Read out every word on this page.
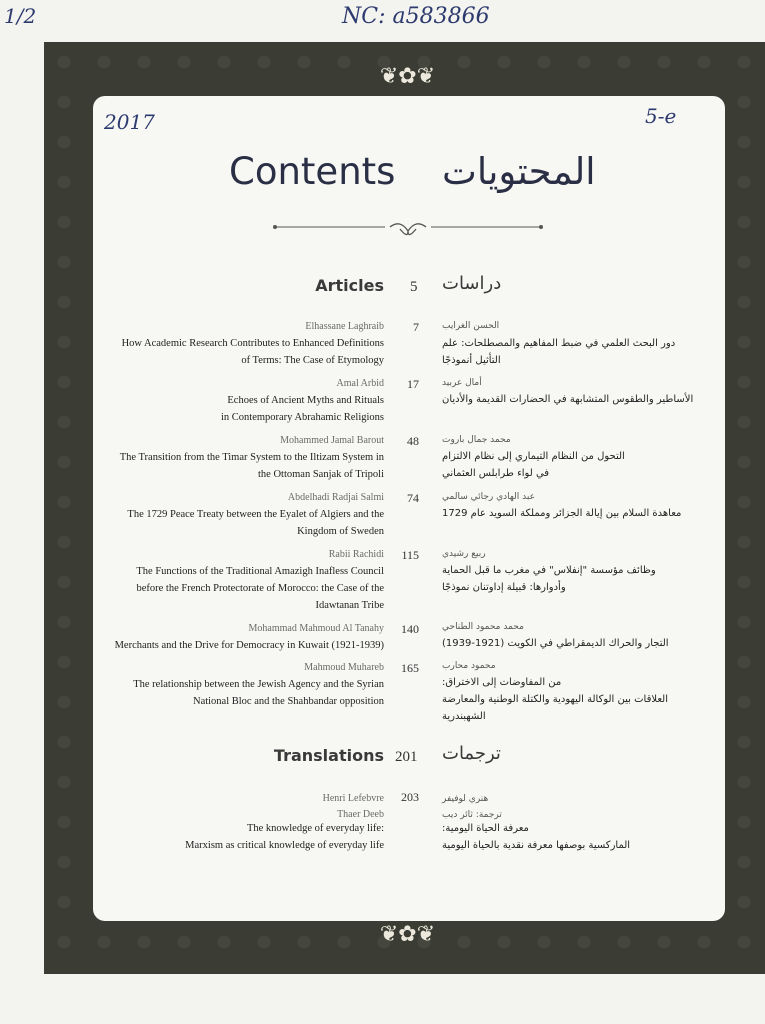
1/2	NC: a583866
❦✿❦
❦✿❦
2017	5-e
Contents المحتويات
Articles 5 دراسات
Elhassane Laghraib 7
How Academic Research Contributes to Enhanced Definitions
of Terms: The Case of Etymology
الحسن الغرايب
دور البحث العلمي في ضبط المفاهيم والمصطلحات: علم
التأثيل أنموذجًا
Amal Arbid 17
Echoes of Ancient Myths and Rituals
in Contemporary Abrahamic Religions
أمال عربيد
الأساطير والطقوس المتشابهة في الحضارات القديمة والأديان
Mohammed Jamal Barout 48
The Transition from the Timar System to the Iltizam System in
the Ottoman Sanjak of Tripoli
محمد جمال باروت
التحول من النظام التيماري إلى نظام الالتزام
في لواء طرابلس العثماني
Abdelhadi Radjai Salmi 74
The 1729 Peace Treaty between the Eyalet of Algiers and the
Kingdom of Sweden
عبد الهادي رجائي سالمي
معاهدة السلام بين إيالة الجزائر ومملكة السويد عام 1729
Rabii Rachidi 115
The Functions of the Traditional Amazigh Inafless Council
before the French Protectorate of Morocco: the Case of the
Idawtanan Tribe
ربيع رشيدي
وظائف مؤسسة "إنفلاس" في مغرب ما قبل الحماية
وأدوارها: قبيلة إداوتنان نموذجًا
Mohammad Mahmoud Al Tanahy 140
Merchants and the Drive for Democracy in Kuwait (1921-1939)
محمد محمود الطناحي
التجار والحراك الديمقراطي في الكويت (1921-1939)
Mahmoud Muhareb 165
The relationship between the Jewish Agency and the Syrian
National Bloc and the Shahbandar opposition
محمود محارب
من المفاوضات إلى الاختراق:
العلاقات بين الوكالة اليهودية والكتلة الوطنية والمعارضة
الشهبندرية
Translations 201 ترجمات
Henri Lefebvre
Thaer Deeb
203
The knowledge of everyday life:
Marxism as critical knowledge of everyday life
هنري لوفيفر
ترجمة: ثائر ديب
معرفة الحياة اليومية:
الماركسية بوصفها معرفة نقدية بالحياة اليومية
